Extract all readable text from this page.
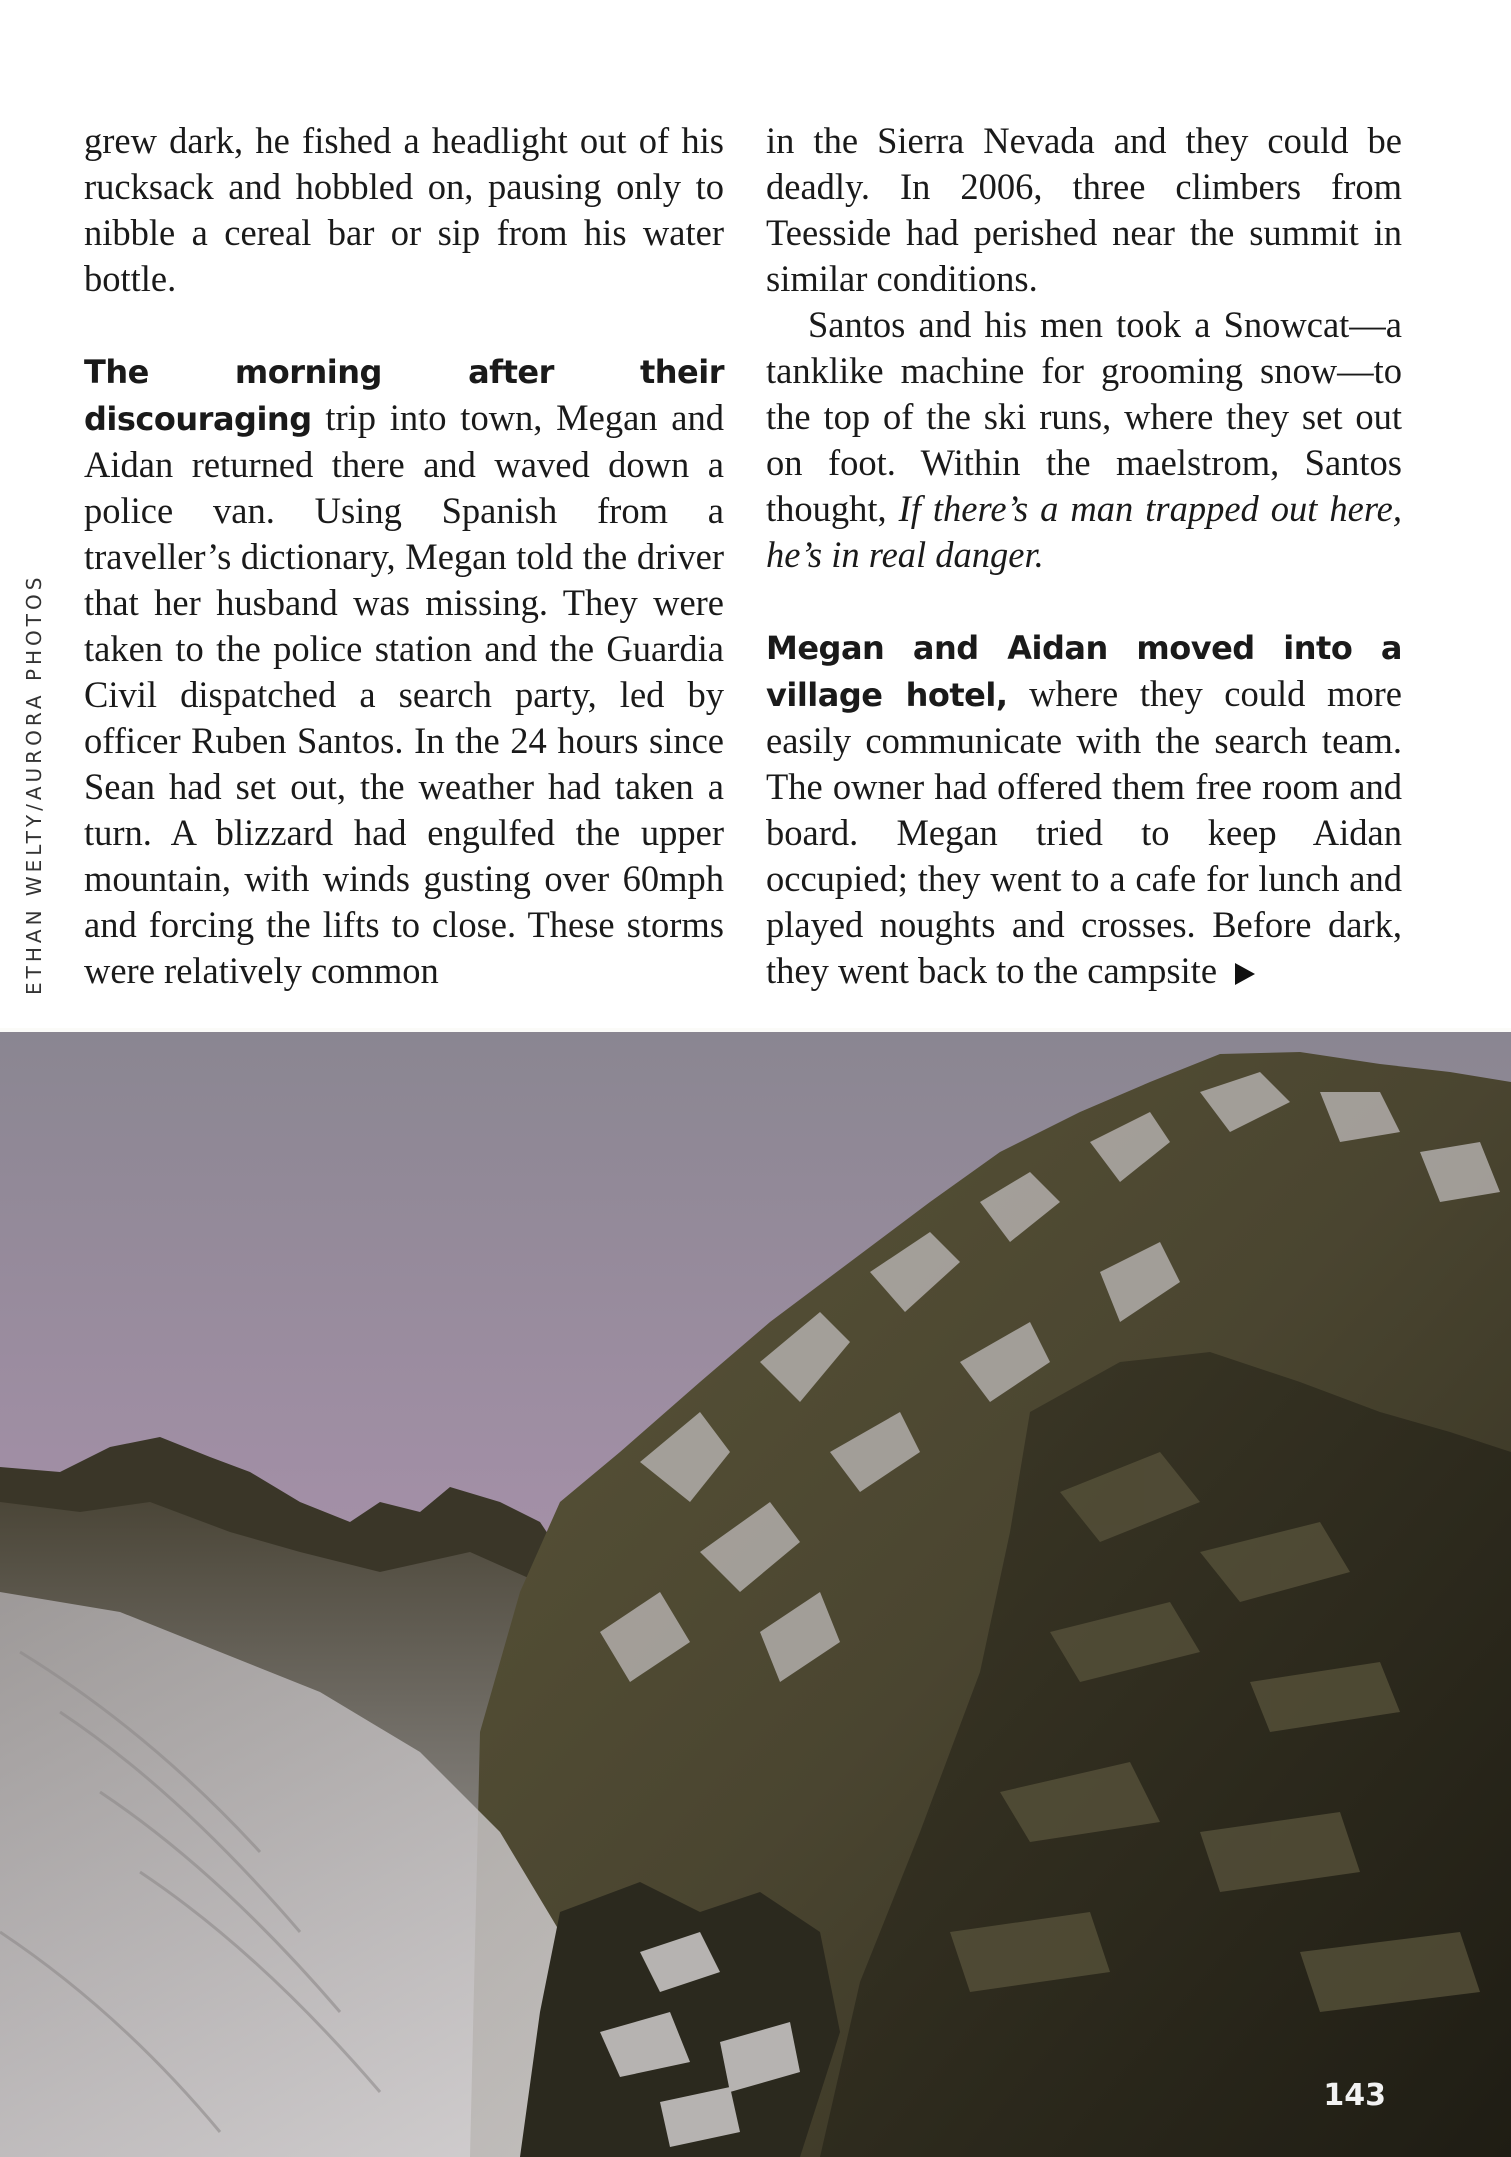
ETHAN WELTY/AURORA PHOTOS

grew dark, he fished a headlight out of his rucksack and hobbled on, pausing only to nibble a cereal bar or sip from his water bottle.

The morning after their discouraging trip into town, Megan and Aidan returned there and waved down a police van. Using Spanish from a traveller’s dictionary, Megan told the driver that her husband was missing. They were taken to the police station and the Guardia Civil dispatched a search party, led by officer Ruben Santos. In the 24 hours since Sean had set out, the weather had taken a turn. A blizzard had engulfed the upper mountain, with winds gusting over 60mph and forcing the lifts to close. These storms were relatively common

in the Sierra Nevada and they could be deadly. In 2006, three climbers from Teesside had perished near the summit in similar conditions.

Santos and his men took a Snowcat—a tanklike machine for grooming snow—to the top of the ski runs, where they set out on foot. Within the maelstrom, Santos thought, If there’s a man trapped out here, he’s in real danger.

Megan and Aidan moved into a village hotel, where they could more easily communicate with the search team. The owner had offered them free room and board. Megan tried to keep Aidan occupied; they went to a cafe for lunch and played noughts and crosses. Before dark, they went back to the campsite

143
